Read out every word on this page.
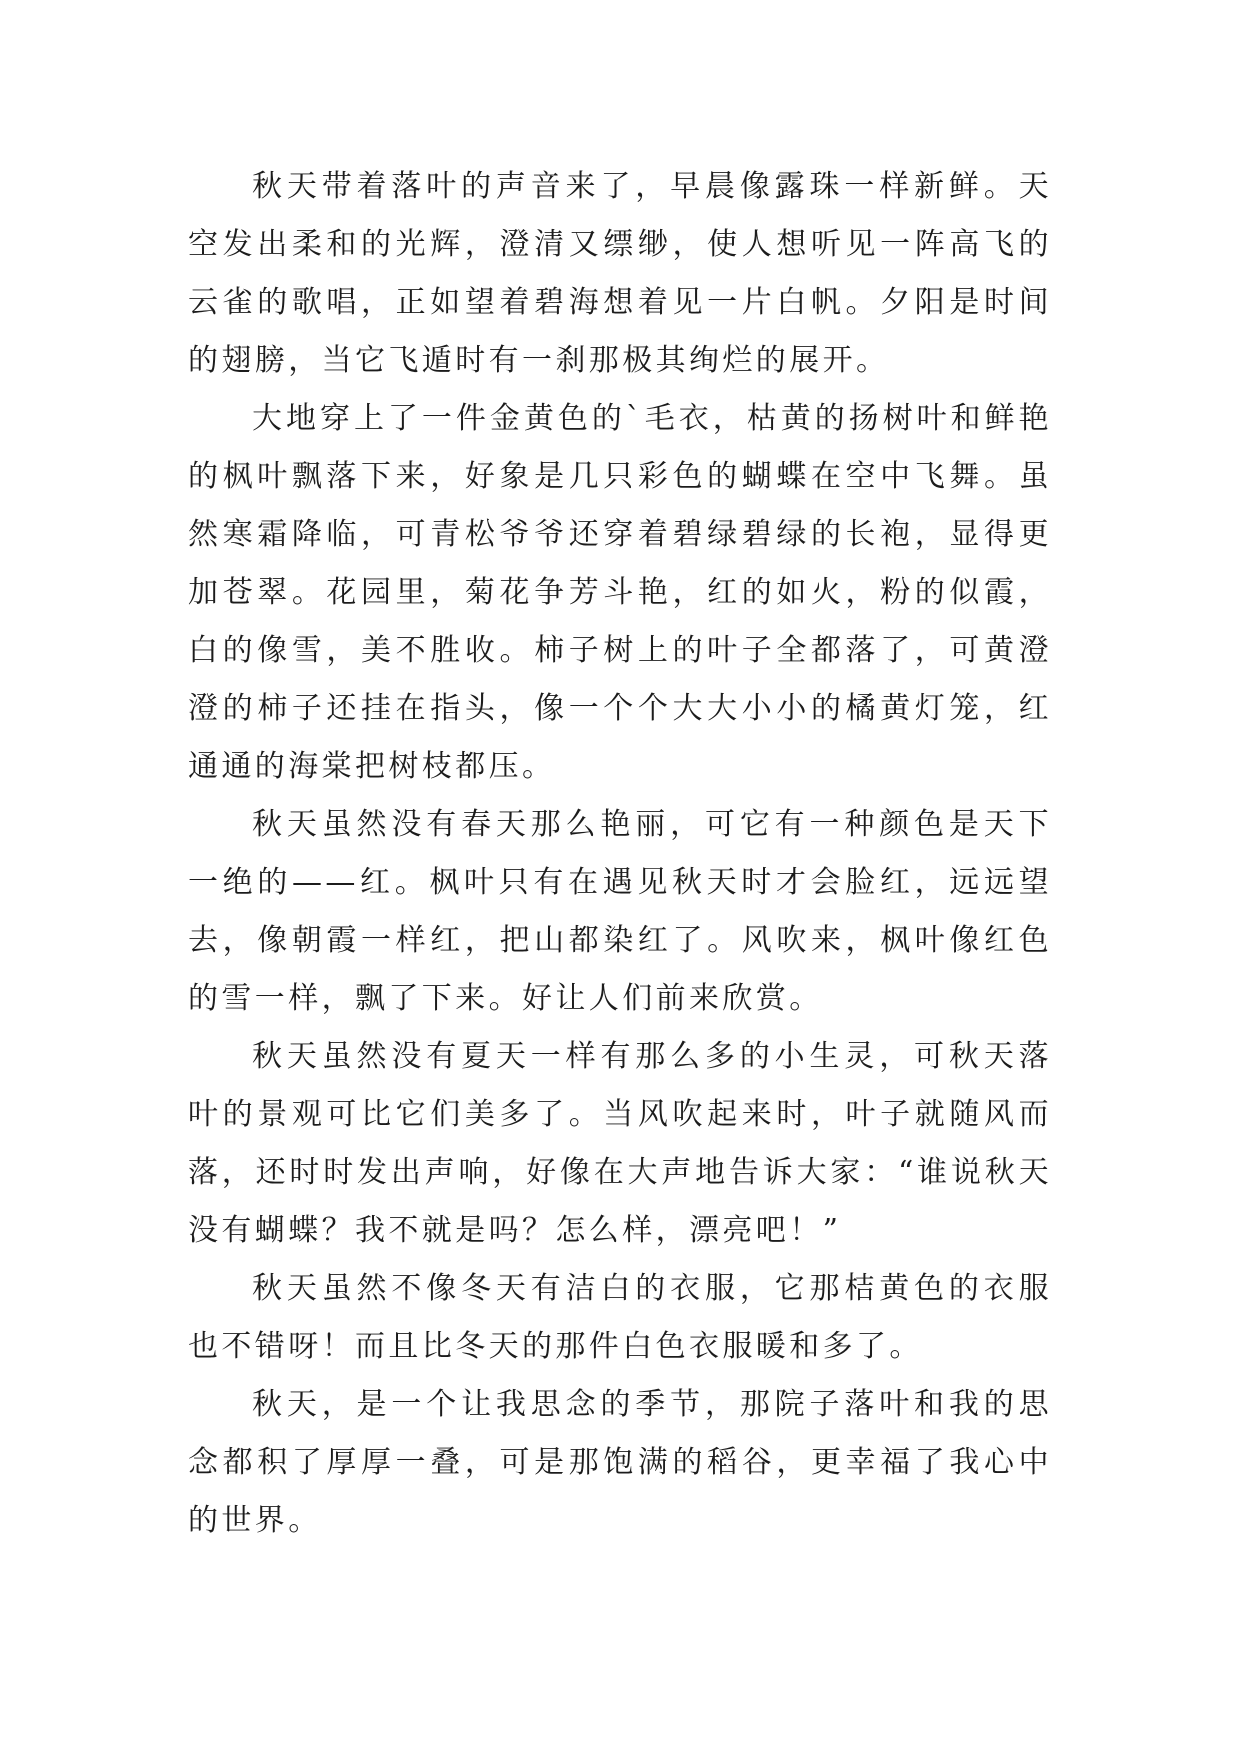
秋天带着落叶的声音来了，早晨像露珠一样新鲜。天空发出柔和的光辉，澄清又缥缈，使人想听见一阵高飞的云雀的歌唱，正如望着碧海想着见一片白帆。夕阳是时间的翅膀，当它飞遁时有一刹那极其绚烂的展开。

大地穿上了一件金黄色的`毛衣，枯黄的扬树叶和鲜艳的枫叶飘落下来，好象是几只彩色的蝴蝶在空中飞舞。虽然寒霜降临，可青松爷爷还穿着碧绿碧绿的长袍，显得更加苍翠。花园里，菊花争芳斗艳，红的如火，粉的似霞，白的像雪，美不胜收。柿子树上的叶子全都落了，可黄澄澄的柿子还挂在指头，像一个个大大小小的橘黄灯笼，红通通的海棠把树枝都压。

秋天虽然没有春天那么艳丽，可它有一种颜色是天下一绝的——红。枫叶只有在遇见秋天时才会脸红，远远望去，像朝霞一样红，把山都染红了。风吹来，枫叶像红色的雪一样，飘了下来。好让人们前来欣赏。

秋天虽然没有夏天一样有那么多的小生灵，可秋天落叶的景观可比它们美多了。当风吹起来时，叶子就随风而落，还时时发出声响，好像在大声地告诉大家：“谁说秋天没有蝴蝶？我不就是吗？怎么样，漂亮吧！”

秋天虽然不像冬天有洁白的衣服，它那桔黄色的衣服也不错呀！而且比冬天的那件白色衣服暖和多了。

秋天，是一个让我思念的季节，那院子落叶和我的思念都积了厚厚一叠，可是那饱满的稻谷，更幸福了我心中的世界。
